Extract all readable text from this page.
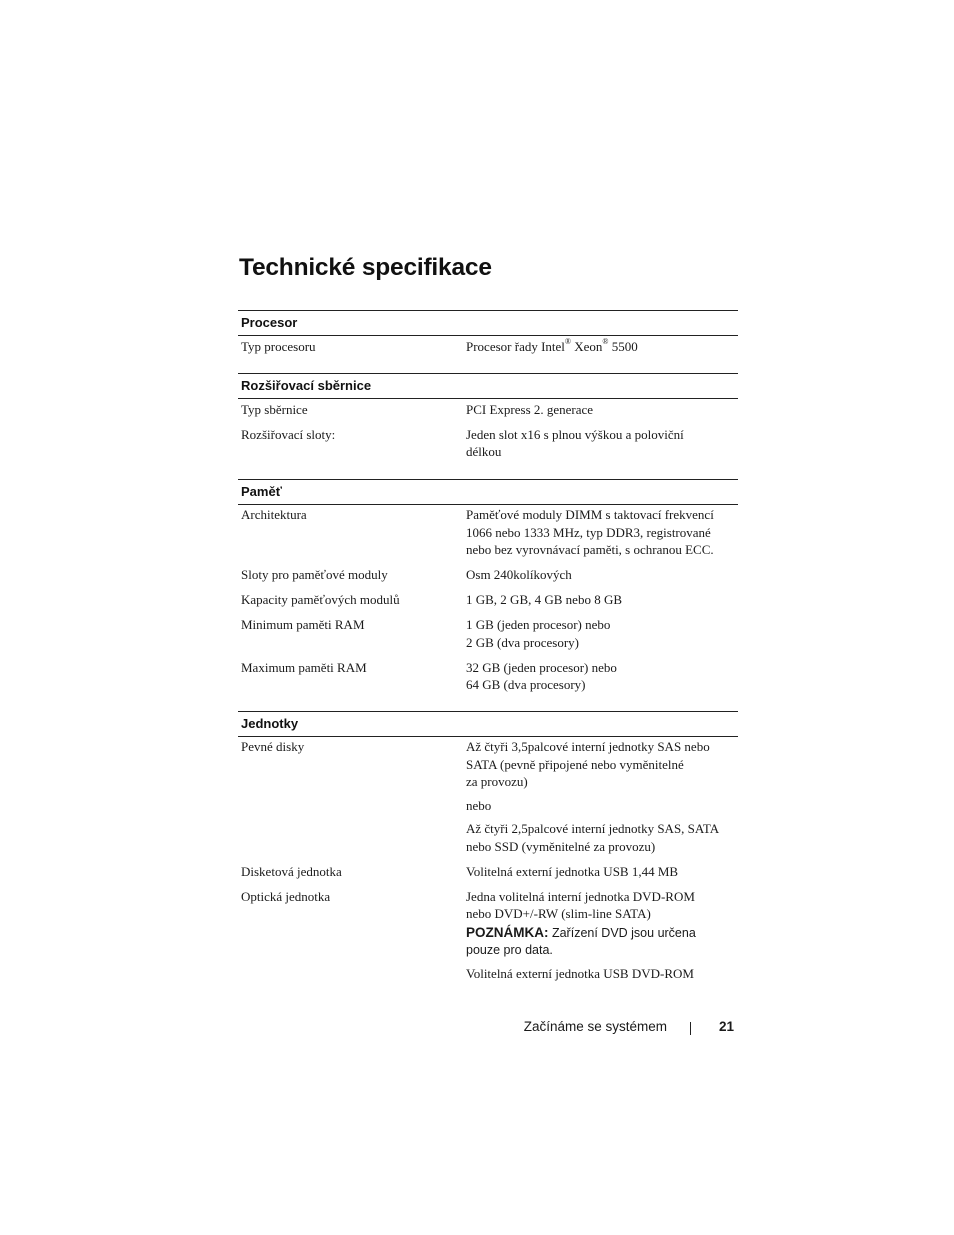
Technické specifikace
Procesor
Typ procesoru	Procesor řady Intel® Xeon® 5500
Rozšiřovací sběrnice
Typ sběrnice	PCI Express 2. generace
Rozšiřovací sloty:	Jeden slot x16 s plnou výškou a poloviční
délkou
Paměť
Architektura	Paměťové moduly DIMM s taktovací frekvencí
1066 nebo 1333 MHz, typ DDR3, registrované
nebo bez vyrovnávací paměti, s ochranou ECC.
Sloty pro paměťové moduly	Osm 240kolíkových
Kapacity paměťových modulů	1 GB, 2 GB, 4 GB nebo 8 GB
Minimum paměti RAM	1 GB (jeden procesor) nebo
2 GB (dva procesory)
Maximum paměti RAM	32 GB (jeden procesor) nebo
64 GB (dva procesory)
Jednotky
Pevné disky	Až čtyři 3,5palcové interní jednotky SAS nebo
SATA (pevně připojené nebo vyměnitelné
za provozu)
nebo
Až čtyři 2,5palcové interní jednotky SAS, SATA
nebo SSD (vyměnitelné za provozu)
Disketová jednotka	Volitelná externí jednotka USB 1,44 MB
Optická jednotka	Jedna volitelná interní jednotka DVD-ROM
nebo DVD+/-RW (slim-line SATA)
POZNÁMKA: Zařízení DVD jsou určena
pouze pro data.
Volitelná externí jednotka USB DVD-ROM
Začínáme se systémem	21
